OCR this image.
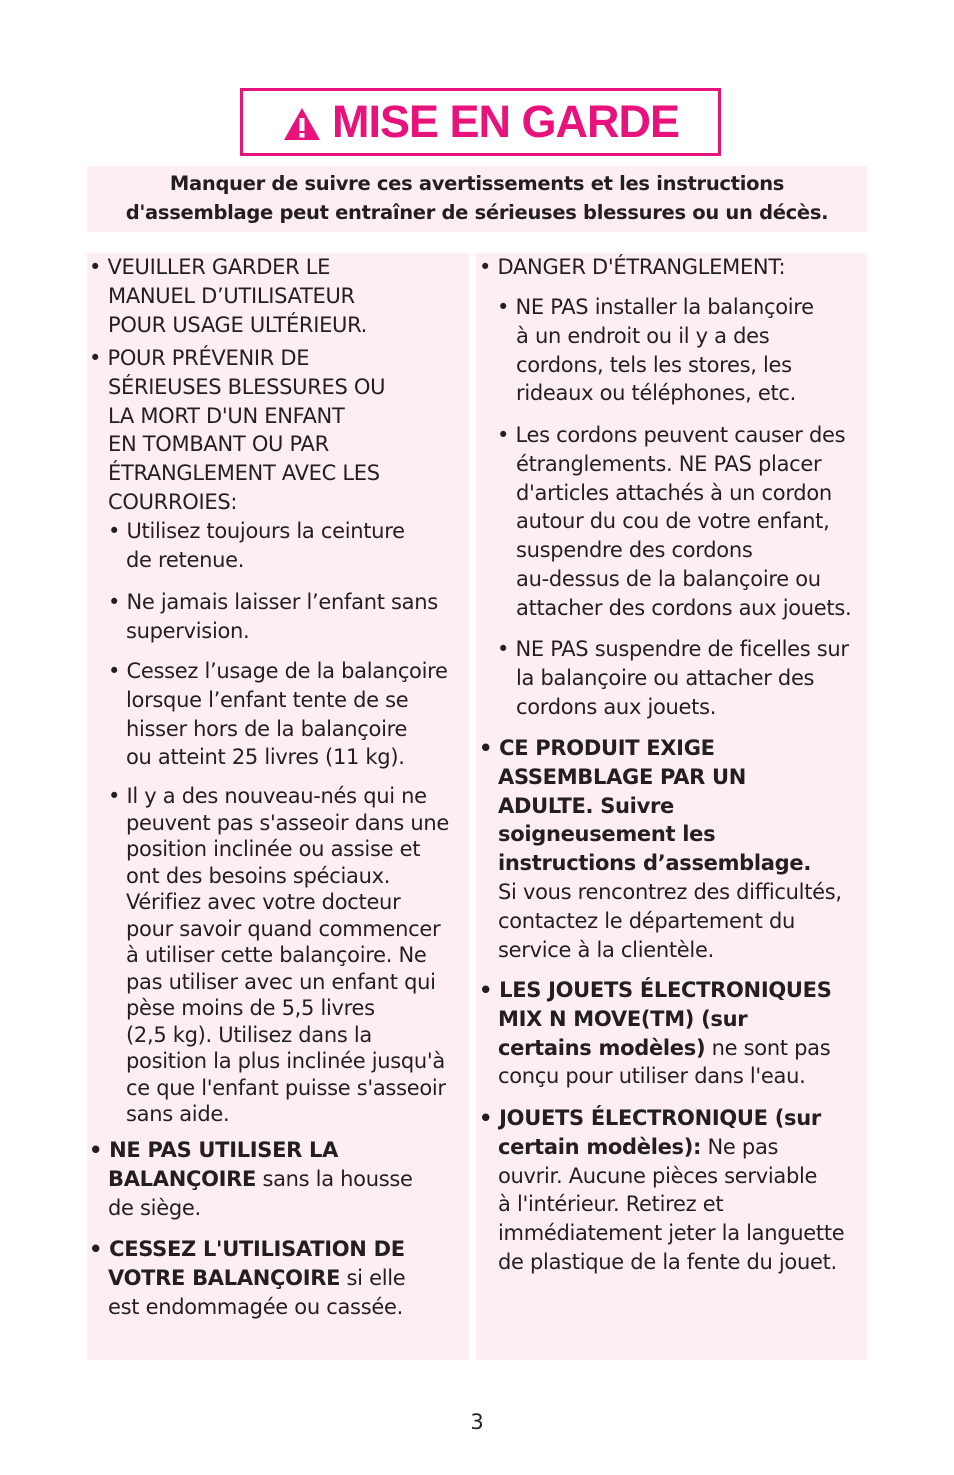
MISE EN GARDE
Manquer de suivre ces avertissements et les instructions
d'assemblage peut entraîner de sérieuses blessures ou un décès.
• VEUILLER GARDER LE
MANUEL D’UTILISATEUR
POUR USAGE ULTÉRIEUR.
• POUR PRÉVENIR DE
SÉRIEUSES BLESSURES OU
LA MORT D'UN ENFANT
EN TOMBANT OU PAR
ÉTRANGLEMENT AVEC LES
COURROIES:
• Utilisez toujours la ceinture
de retenue.
• Ne jamais laisser l’enfant sans
supervision.
• Cessez l’usage de la balançoire
lorsque l’enfant tente de se
hisser hors de la balançoire
ou atteint 25 livres (11 kg).
• Il y a des nouveau-nés qui ne
peuvent pas s'asseoir dans une
position inclinée ou assise et
ont des besoins spéciaux.
Vérifiez avec votre docteur
pour savoir quand commencer
à utiliser cette balançoire. Ne
pas utiliser avec un enfant qui
pèse moins de 5,5 livres
(2,5 kg). Utilisez dans la
position la plus inclinée jusqu'à
ce que l'enfant puisse s'asseoir
sans aide.
• NE PAS UTILISER LA
BALANÇOIRE sans la housse
de siège.
• CESSEZ L'UTILISATION DE
VOTRE BALANÇOIRE si elle
est endommagée ou cassée.
• DANGER D'ÉTRANGLEMENT:
• NE PAS installer la balançoire
à un endroit ou il y a des
cordons, tels les stores, les
rideaux ou téléphones, etc.
• Les cordons peuvent causer des
étranglements. NE PAS placer
d'articles attachés à un cordon
autour du cou de votre enfant,
suspendre des cordons
au-dessus de la balançoire ou
attacher des cordons aux jouets.
• NE PAS suspendre de ficelles sur
la balançoire ou attacher des
cordons aux jouets.
• CE PRODUIT EXIGE
ASSEMBLAGE PAR UN
ADULTE. Suivre
soigneusement les
instructions d’assemblage.
Si vous rencontrez des difficultés,
contactez le département du
service à la clientèle.
• LES JOUETS ÉLECTRONIQUES
MIX N MOVE(TM) (sur
certains modèles) ne sont pas
conçu pour utiliser dans l'eau.
• JOUETS ÉLECTRONIQUE (sur
certain modèles): Ne pas
ouvrir. Aucune pièces serviable
à l'intérieur. Retirez et
immédiatement jeter la languette
de plastique de la fente du jouet.
3
